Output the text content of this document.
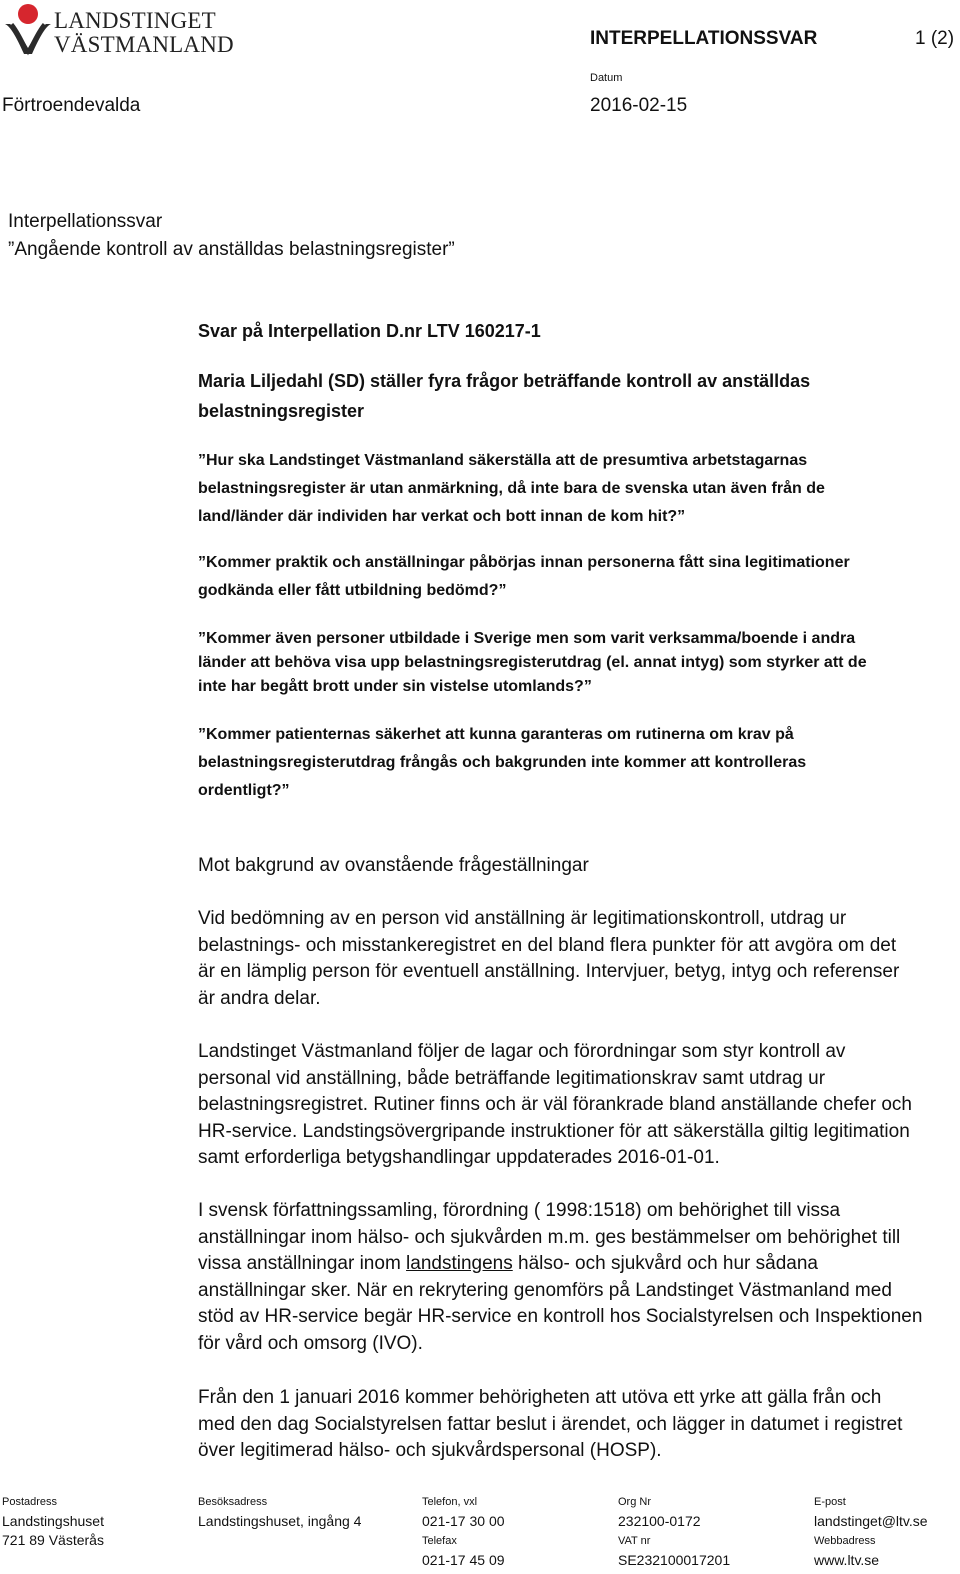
LANDSTINGET
VÄSTMANLAND	INTERPELLATIONSSVAR	1 (2)
Datum
Förtroendevalda	2016-02-15
Interpellationssvar
”Angående kontroll av anställdas belastningsregister”
Svar på Interpellation D.nr LTV 160217-1
Maria Liljedahl (SD) ställer fyra frågor beträffande kontroll av anställdas
belastningsregister
”Hur ska Landstinget Västmanland säkerställa att de presumtiva arbetstagarnas
belastningsregister är utan anmärkning, då inte bara de svenska utan även från de
land/länder där individen har verkat och bott innan de kom hit?”
”Kommer praktik och anställningar påbörjas innan personerna fått sina legitimationer
godkända eller fått utbildning bedömd?”
”Kommer även personer utbildade i Sverige men som varit verksamma/boende i andra
länder att behöva visa upp belastningsregisterutdrag (el. annat intyg) som styrker att de
inte har begått brott under sin vistelse utomlands?”
”Kommer patienternas säkerhet att kunna garanteras om rutinerna om krav på
belastningsregisterutdrag frångås och bakgrunden inte kommer att kontrolleras
ordentligt?”
Mot bakgrund av ovanstående frågeställningar
Vid bedömning av en person vid anställning är legitimationskontroll, utdrag ur
belastnings- och misstankeregistret en del bland flera punkter för att avgöra om det
är en lämplig person för eventuell anställning. Intervjuer, betyg, intyg och referenser
är andra delar.
Landstinget Västmanland följer de lagar och förordningar som styr kontroll av
personal vid anställning, både beträffande legitimationskrav samt utdrag ur
belastningsregistret. Rutiner finns och är väl förankrade bland anställande chefer och
HR-service. Landstingsövergripande instruktioner för att säkerställa giltig legitimation
samt erforderliga betygshandlingar uppdaterades 2016-01-01.
I svensk författningssamling, förordning ( 1998:1518) om behörighet till vissa
anställningar inom hälso- och sjukvården m.m. ges bestämmelser om behörighet till
vissa anställningar inom landstingens hälso- och sjukvård och hur sådana
anställningar sker. När en rekrytering genomförs på Landstinget Västmanland med
stöd av HR-service begär HR-service en kontroll hos Socialstyrelsen och Inspektionen
för vård och omsorg (IVO).
Från den 1 januari 2016 kommer behörigheten att utöva ett yrke att gälla från och
med den dag Socialstyrelsen fattar beslut i ärendet, och lägger in datumet i registret
över legitimerad hälso- och sjukvårdspersonal (HOSP).
Postadress
Landstingshuset
721 89 Västerås
Besöksadress
Landstingshuset, ingång 4
Telefon, vxl
021-17 30 00
Telefax
021-17 45 09
Org Nr
232100-0172
VAT nr
SE232100017201
E-post
landstinget@ltv.se
Webbadress
www.ltv.se
